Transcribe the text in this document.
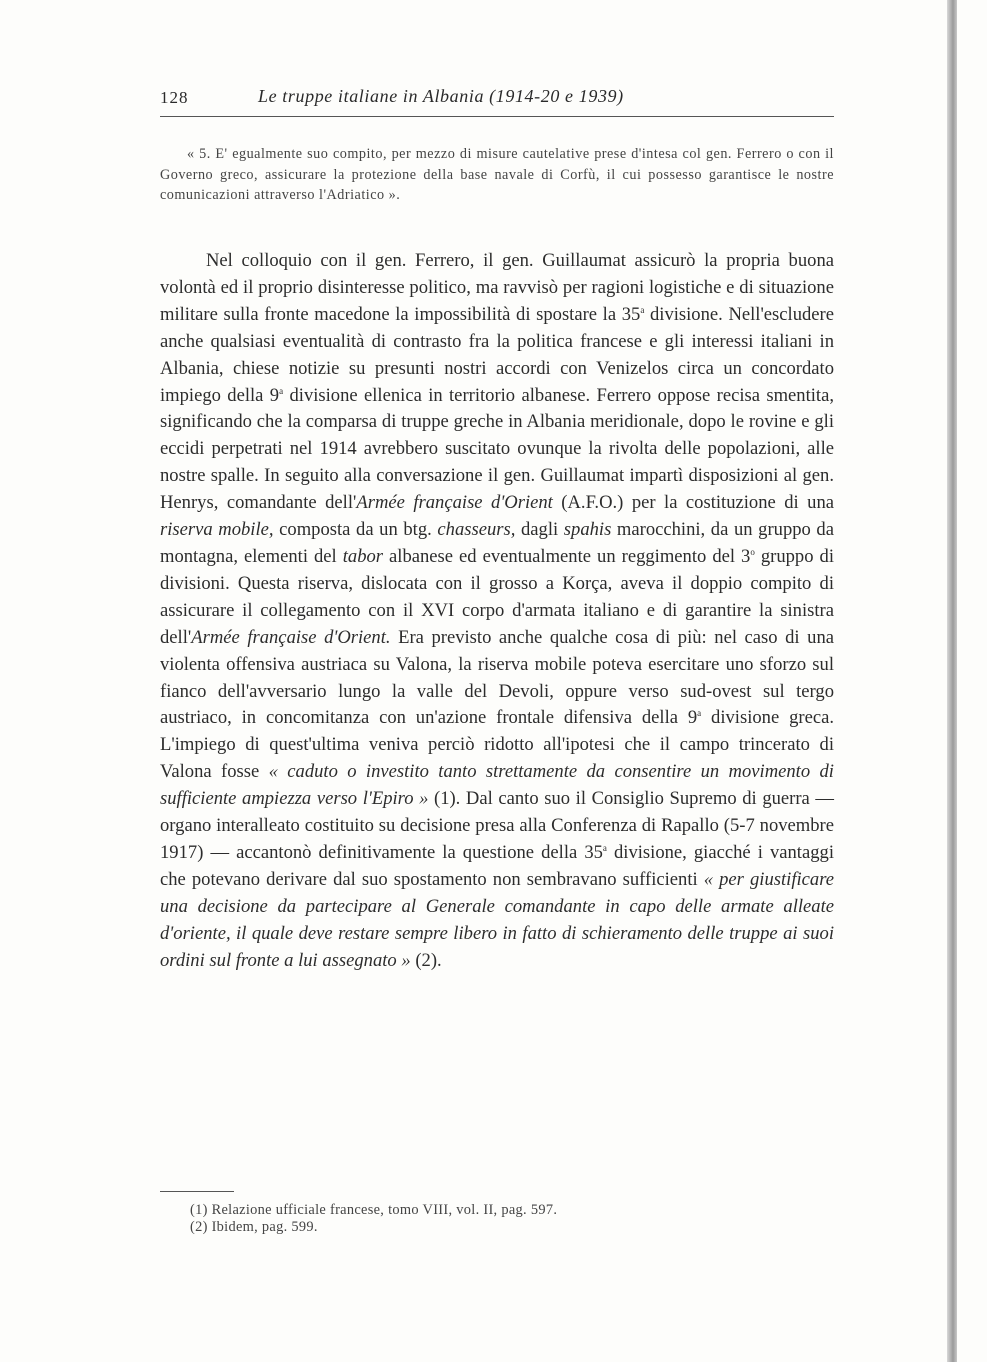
128	Le truppe italiane in Albania (1914-20 e 1939)

« 5. E' egualmente suo compito, per mezzo di misure cautelative prese d'intesa col gen. Ferrero o con il Governo greco, assicurare la protezione della base navale di Corfù, il cui possesso garantisce le nostre comunicazioni attraverso l'Adriatico ».

Nel colloquio con il gen. Ferrero, il gen. Guillaumat assicurò la propria buona volontà ed il proprio disinteresse politico, ma ravvisò per ragioni logistiche e di situazione militare sulla fronte macedone la impossibilità di spostare la 35$^a$ divisione. Nell'escludere anche qualsiasi eventualità di contrasto fra la politica francese e gli interessi italiani in Albania, chiese notizie su presunti nostri accordi con Venizelos circa un concordato impiego della 9$^a$ divisione ellenica in territorio albanese. Ferrero oppose recisa smentita, significando che la comparsa di truppe greche in Albania meridionale, dopo le rovine e gli eccidi perpetrati nel 1914 avrebbero suscitato ovunque la rivolta delle popolazioni, alle nostre spalle. In seguito alla conversazione il gen. Guillaumat impartì disposizioni al gen. Henrys, comandante dell'Armée française d'Orient (A.F.O.) per la costituzione di una riserva mobile, composta da un btg. chasseurs, dagli spahis marocchini, da un gruppo da montagna, elementi del tabor albanese ed eventualmente un reggimento del 3$^o$ gruppo di divisioni. Questa riserva, dislocata con il grosso a Korça, aveva il doppio compito di assicurare il collegamento con il XVI corpo d'armata italiano e di garantire la sinistra dell'Armée française d'Orient. Era previsto anche qualche cosa di più: nel caso di una violenta offensiva austriaca su Valona, la riserva mobile poteva esercitare uno sforzo sul fianco dell'avversario lungo la valle del Devoli, oppure verso sud-ovest sul tergo austriaco, in concomitanza con un'azione frontale difensiva della 9$^a$ divisione greca. L'impiego di quest'ultima veniva perciò ridotto all'ipotesi che il campo trincerato di Valona fosse « caduto o investito tanto strettamente da consentire un movimento di sufficiente ampiezza verso l'Epiro » (1). Dal canto suo il Consiglio Supremo di guerra — organo interalleato costituito su decisione presa alla Conferenza di Rapallo (5-7 novembre 1917) — accantonò definitivamente la questione della 35$^a$ divisione, giacché i vantaggi che potevano derivare dal suo spostamento non sembravano sufficienti « per giustificare una decisione da partecipare al Generale comandante in capo delle armate alleate d'oriente, il quale deve restare sempre libero in fatto di schieramento delle truppe ai suoi ordini sul fronte a lui assegnato » (2).

(1) Relazione ufficiale francese, tomo VIII, vol. II, pag. 597.
(2) Ibidem, pag. 599.
